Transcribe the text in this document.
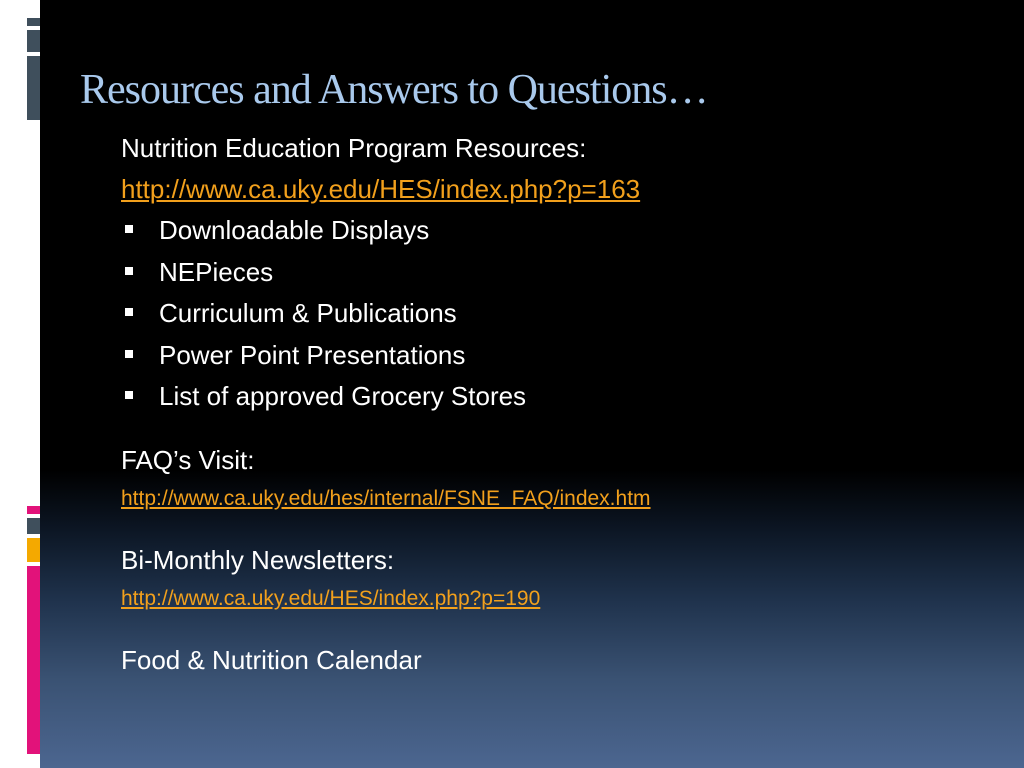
Resources and Answers to Questions…
Nutrition Education Program Resources:
http://www.ca.uky.edu/HES/index.php?p=163
Downloadable Displays
NEPieces
Curriculum & Publications
Power Point Presentations
List of approved Grocery Stores
FAQ’s Visit:
http://www.ca.uky.edu/hes/internal/FSNE_FAQ/index.htm
Bi-Monthly Newsletters:
http://www.ca.uky.edu/HES/index.php?p=190
Food & Nutrition Calendar
